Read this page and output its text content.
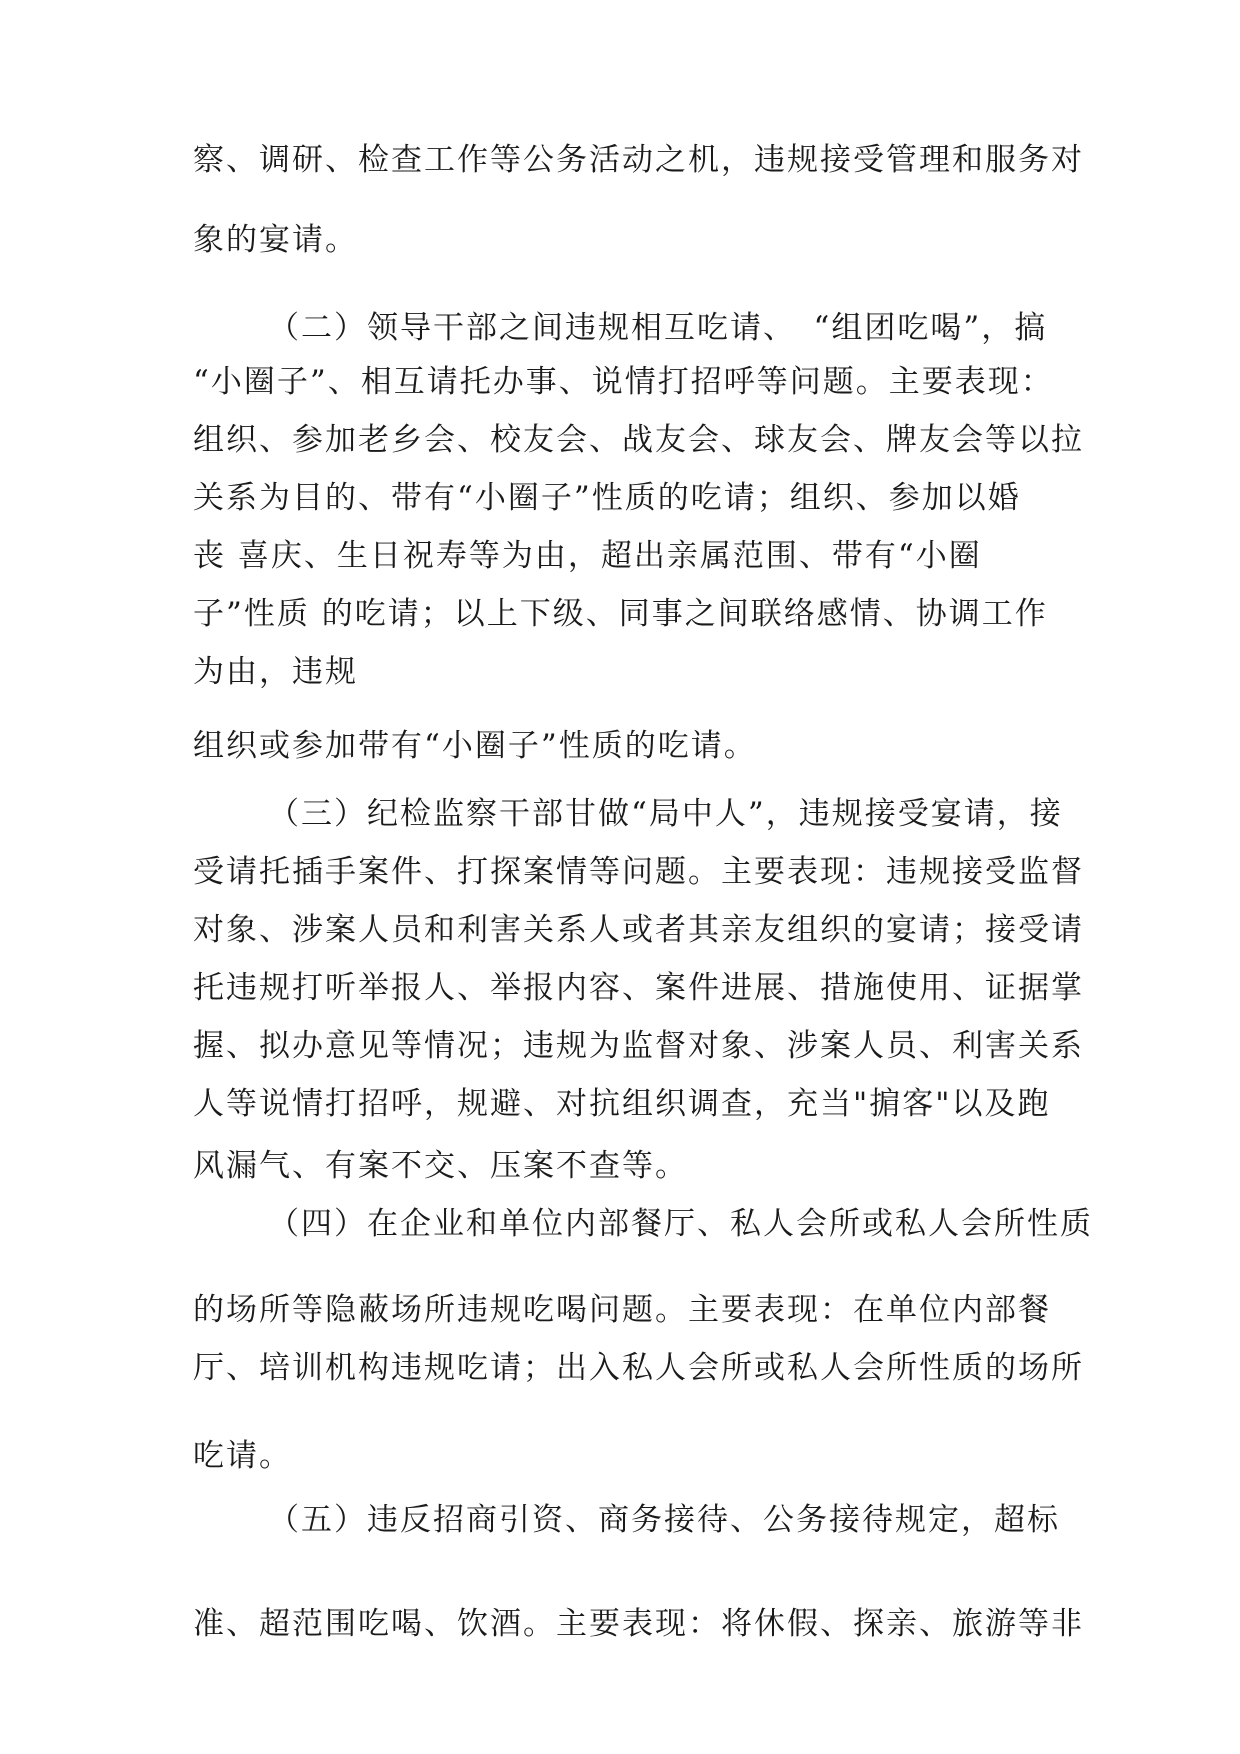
察、调研、检查工作等公务活动之机，违规接受管理和服务对
象的宴请。
（二）领导干部之间违规相互吃请、　“组团吃喝”，搞
“小圈子”、相互请托办事、说情打招呼等问题。主要表现：
组织、参加老乡会、校友会、战友会、球友会、牌友会等以拉
关系为目的、带有“小圈子”性质的吃请；组织、参加以婚
丧 喜庆、生日祝寿等为由，超出亲属范围、带有“小圈
子”性质 的吃请；以上下级、同事之间联络感情、协调工作
为由，违规
组织或参加带有“小圈子”性质的吃请。
（三）纪检监察干部甘做“局中人”，违规接受宴请，接
受请托插手案件、打探案情等问题。主要表现：违规接受监督
对象、涉案人员和利害关系人或者其亲友组织的宴请；接受请
托违规打听举报人、举报内容、案件进展、措施使用、证据掌
握、拟办意见等情况；违规为监督对象、涉案人员、利害关系
人等说情打招呼，规避、对抗组织调查，充当"掮客"以及跑
风漏气、有案不交、压案不查等。
（四）在企业和单位内部餐厅、私人会所或私人会所性质
的场所等隐蔽场所违规吃喝问题。主要表现：在单位内部餐
厅、培训机构违规吃请；出入私人会所或私人会所性质的场所
吃请。
（五）违反招商引资、商务接待、公务接待规定，超标
准、超范围吃喝、饮酒。主要表现：将休假、探亲、旅游等非
